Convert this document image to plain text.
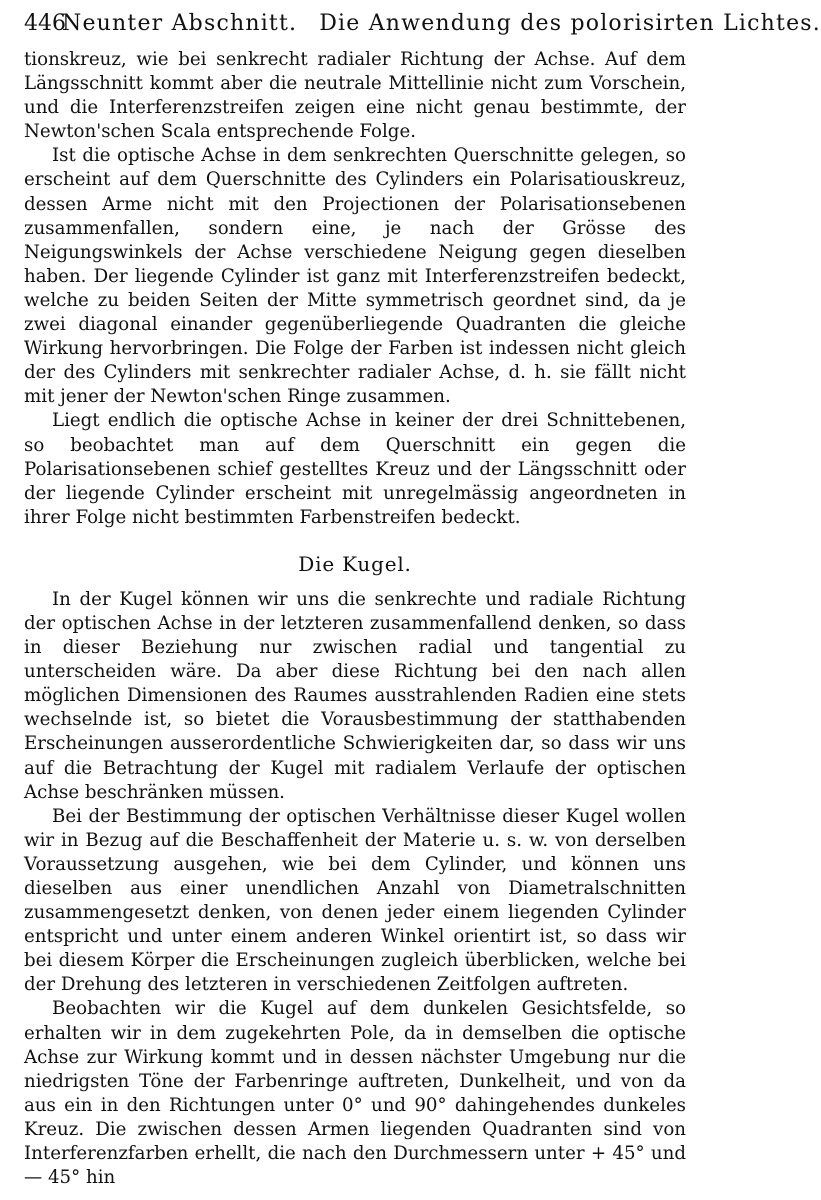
446
Neunter Abschnitt. Die Anwendung des polorisirten Lichtes.

tionskreuz, wie bei senkrecht radialer Richtung der Achse. Auf dem Längsschnitt kommt aber die neutrale Mittellinie nicht zum Vorschein, und die Interferenzstreifen zeigen eine nicht genau bestimmte, der Newton'schen Scala entsprechende Folge.

Ist die optische Achse in dem senkrechten Querschnitte gelegen, so erscheint auf dem Querschnitte des Cylinders ein Polarisatiouskreuz, dessen Arme nicht mit den Projectionen der Polarisationsebenen zusammenfallen, sondern eine, je nach der Grösse des Neigungswinkels der Achse verschiedene Neigung gegen dieselben haben. Der liegende Cylinder ist ganz mit Interferenzstreifen bedeckt, welche zu beiden Seiten der Mitte symmetrisch geordnet sind, da je zwei diagonal einander gegenüberliegende Quadranten die gleiche Wirkung hervorbringen. Die Folge der Farben ist indessen nicht gleich der des Cylinders mit senkrechter radialer Achse, d. h. sie fällt nicht mit jener der Newton'schen Ringe zusammen.

Liegt endlich die optische Achse in keiner der drei Schnittebenen, so beobachtet man auf dem Querschnitt ein gegen die Polarisationsebenen schief gestelltes Kreuz und der Längsschnitt oder der liegende Cylinder erscheint mit unregelmässig angeordneten in ihrer Folge nicht bestimmten Farbenstreifen bedeckt.

Die Kugel.

In der Kugel können wir uns die senkrechte und radiale Richtung der optischen Achse in der letzteren zusammenfallend denken, so dass in dieser Beziehung nur zwischen radial und tangential zu unterscheiden wäre. Da aber diese Richtung bei den nach allen möglichen Dimensionen des Raumes ausstrahlenden Radien eine stets wechselnde ist, so bietet die Vorausbestimmung der statthabenden Erscheinungen ausserordentliche Schwierigkeiten dar, so dass wir uns auf die Betrachtung der Kugel mit radialem Verlaufe der optischen Achse beschränken müssen.

Bei der Bestimmung der optischen Verhältnisse dieser Kugel wollen wir in Bezug auf die Beschaffenheit der Materie u. s. w. von derselben Voraussetzung ausgehen, wie bei dem Cylinder, und können uns dieselben aus einer unendlichen Anzahl von Diametralschnitten zusammengesetzt denken, von denen jeder einem liegenden Cylinder entspricht und unter einem anderen Winkel orientirt ist, so dass wir bei diesem Körper die Erscheinungen zugleich überblicken, welche bei der Drehung des letzteren in verschiedenen Zeitfolgen auftreten.

Beobachten wir die Kugel auf dem dunkelen Gesichtsfelde, so erhalten wir in dem zugekehrten Pole, da in demselben die optische Achse zur Wirkung kommt und in dessen nächster Umgebung nur die niedrigsten Töne der Farbenringe auftreten, Dunkelheit, und von da aus ein in den Richtungen unter 0° und 90° dahingehendes dunkeles Kreuz. Die zwischen dessen Armen liegenden Quadranten sind von Interferenzfarben erhellt, die nach den Durchmessern unter + 45° und — 45° hin
